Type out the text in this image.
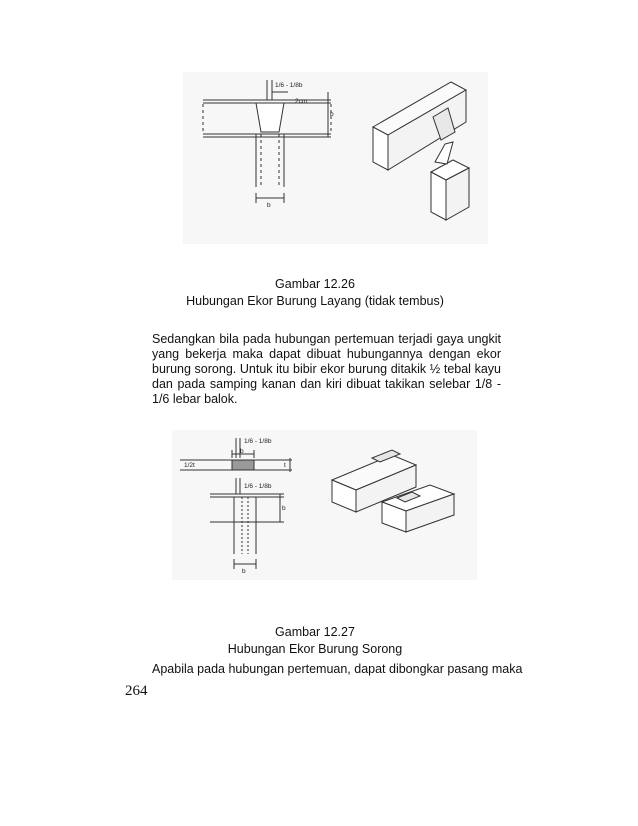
1/6 - 1/8b
2cm
b
b
Gambar 12.26
Hubungan Ekor Burung Layang (tidak tembus)
Sedangkan bila pada hubungan pertemuan terjadi gaya ungkit yang bekerja maka dapat dibuat hubungannya dengan ekor burung sorong. Untuk itu bibir ekor burung ditakik ½ tebal kayu dan pada samping kanan dan kiri dibuat takikan selebar 1/8 - 1/6 lebar balok.
1/2t
b
t
1/6 - 1/8b
1/6 - 1/8b
b
b
Gambar 12.27
Hubungan Ekor Burung Sorong
Apabila pada hubungan pertemuan, dapat dibongkar pasang maka
264
